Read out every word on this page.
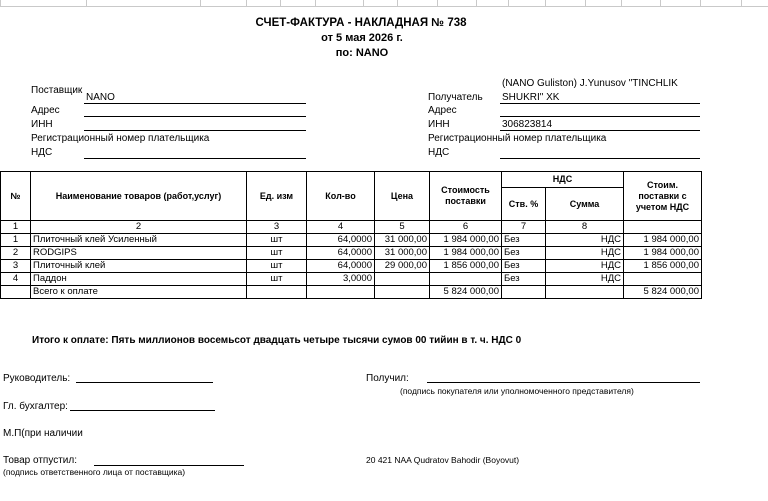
СЧЕТ-ФАКТУРА - НАКЛАДНАЯ № 738
от 5 мая 2026 г.
по: NANO
Поставщик
NANO
Адрес
ИНН
Регистрационный номер плательщика
НДС
(NANO Guliston) J.Yunusov "TINCHLIK
Получатель SHUKRI" XK
Адрес
ИНН	306823814
Регистрационный номер плательщика
НДС
№	Наименование товаров (работ,услуг)	Ед. изм	Кол-во	Цена	Стоимость поставки	НДС		Стоим. поставки с учетом НДС
						Ств. %	Сумма	
1	2	3	4	5	6	7	8	
1	Плиточный клей Усиленный	шт	64,0000	31 000,00	1 984 000,00	Без	НДС	1 984 000,00
2	RODGIPS	шт	64,0000	31 000,00	1 984 000,00	Без	НДС	1 984 000,00
3	Плиточный клей	шт	64,0000	29 000,00	1 856 000,00	Без	НДС	1 856 000,00
4	Паддон	шт	3,0000			Без	НДС	
	Всего к оплате				5 824 000,00			5 824 000,00
Итого к оплате: Пять миллионов восемьсот двадцать четыре тысячи сумов 00 тийин в т. ч. НДС 0
Руководитель:
Гл. бухгалтер:
М.П(при наличии
Товар отпустил:
(подпись ответственного лица от поставщика)
Получил:
(подпись покупателя или уполномоченного представителя)
20 421 NAA Qudratov Bahodir (Boyovut)
